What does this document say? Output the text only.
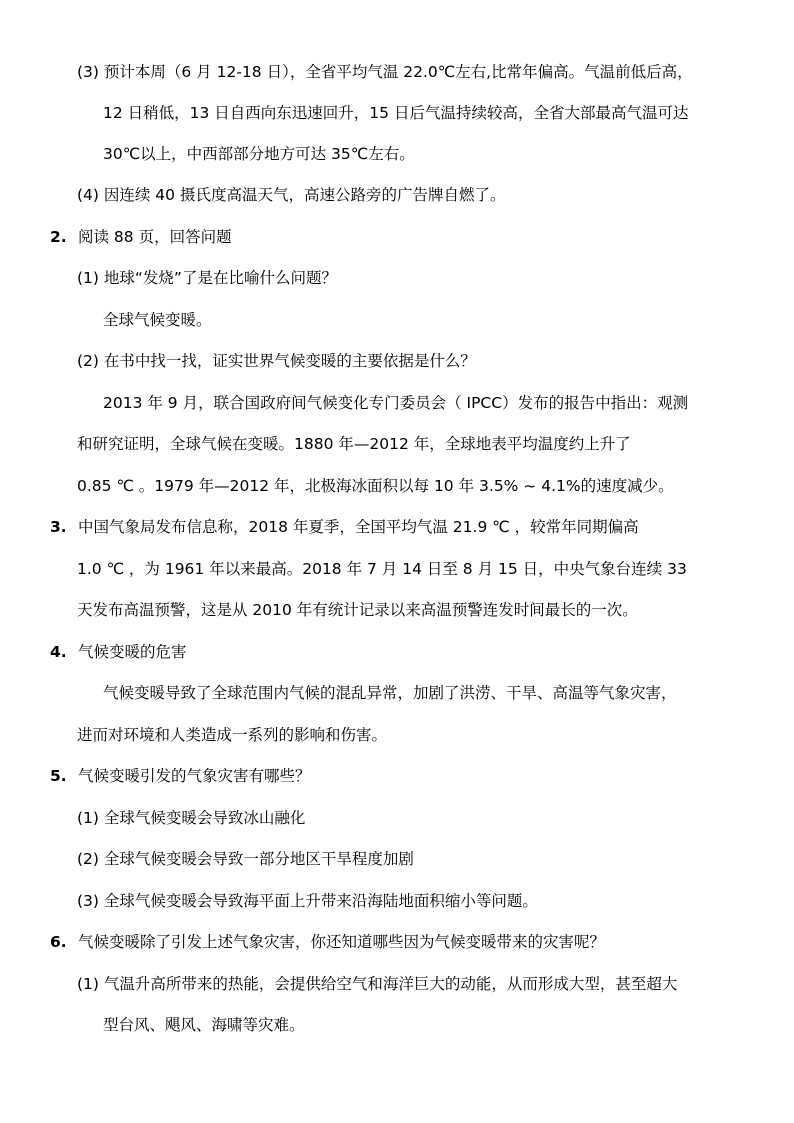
(3) 预计本周（6 月 12-18 日），全省平均气温 22.0℃左右,比常年偏高。气温前低后高，
12 日稍低，13 日自西向东迅速回升，15 日后气温持续较高，全省大部最高气温可达
30℃以上，中西部部分地方可达 35℃左右。
(4) 因连续 40 摄氏度高温天气，高速公路旁的广告牌自燃了。
2. 阅读 88 页，回答问题
(1) 地球“发烧”了是在比喻什么问题？
全球气候变暖。
(2) 在书中找一找，证实世界气候变暖的主要依据是什么？
2013 年 9 月，联合国政府间气候变化专门委员会（ IPCC）发布的报告中指出：观测
和研究证明，全球气候在变暖。1880 年—2012 年，全球地表平均温度约上升了
0.85 ℃ 。1979 年—2012 年，北极海冰面积以每 10 年 3.5% ~ 4.1%的速度减少。
3. 中国气象局发布信息称，2018 年夏季，全国平均气温 21.9 ℃ ，较常年同期偏高
1.0 ℃ ，为 1961 年以来最高。2018 年 7 月 14 日至 8 月 15 日，中央气象台连续 33
天发布高温预警，这是从 2010 年有统计记录以来高温预警连发时间最长的一次。
4. 气候变暖的危害
气候变暖导致了全球范围内气候的混乱异常，加剧了洪涝、干旱、高温等气象灾害，
进而对环境和人类造成一系列的影响和伤害。
5. 气候变暖引发的气象灾害有哪些？
(1) 全球气候变暖会导致冰山融化
(2) 全球气候变暖会导致一部分地区干旱程度加剧
(3) 全球气候变暖会导致海平面上升带来沿海陆地面积缩小等问题。
6. 气候变暖除了引发上述气象灾害，你还知道哪些因为气候变暖带来的灾害呢？
(1) 气温升高所带来的热能，会提供给空气和海洋巨大的动能，从而形成大型，甚至超大
型台风、飓风、海啸等灾难。
